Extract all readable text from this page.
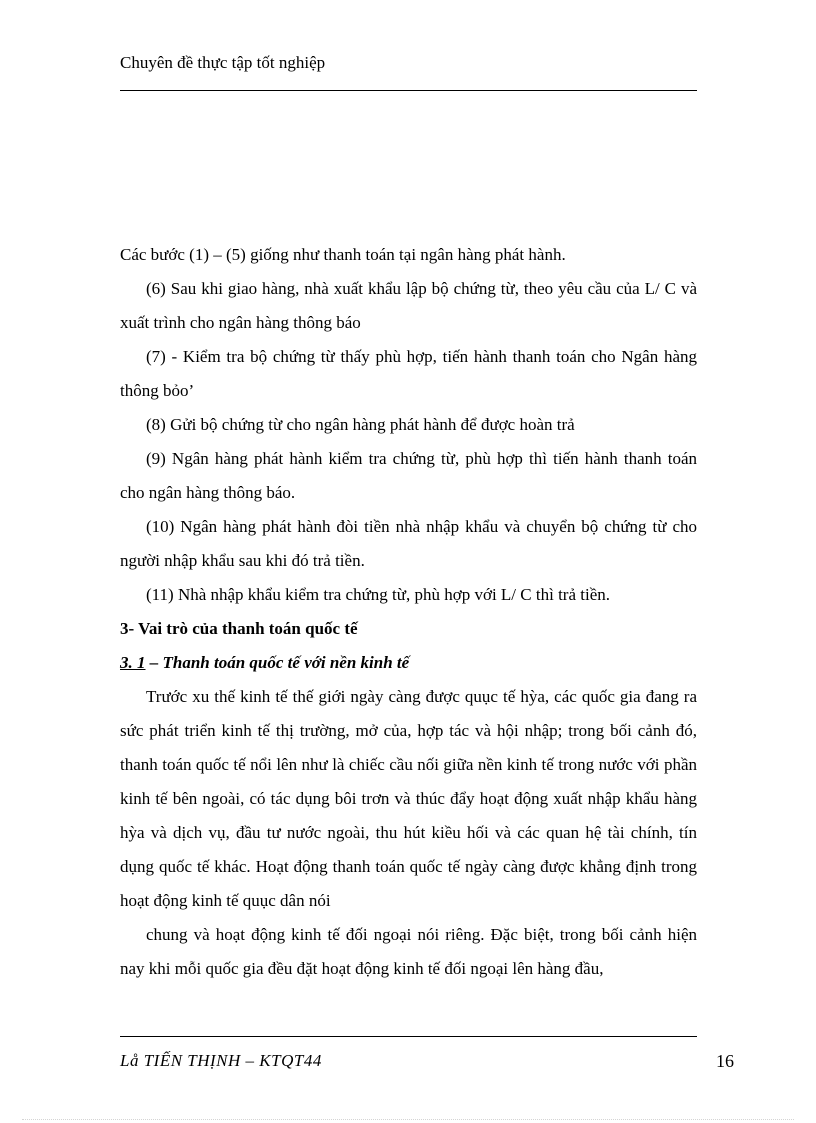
Chuyên đề thực tập tốt nghiệp

Các bước (1) – (5) giống như thanh toán tại ngân hàng phát hành.

(6) Sau khi giao hàng, nhà xuất khẩu lập bộ chứng từ, theo yêu cầu của L/ C và xuất trình cho ngân hàng thông báo

(7) - Kiểm tra bộ chứng từ thấy phù hợp, tiến hành thanh toán cho Ngân hàng thông bỏo’

(8) Gửi bộ chứng từ cho ngân hàng phát hành để được hoàn trả

(9) Ngân hàng phát hành kiểm tra chứng từ, phù hợp thì tiến hành thanh toán cho ngân hàng thông báo.

(10) Ngân hàng phát hành đòi tiền nhà nhập khẩu và chuyển bộ chứng từ cho người nhập khẩu sau khi đó trả tiền.

(11) Nhà nhập khẩu kiểm tra chứng từ, phù hợp với L/ C thì trả tiền.

3- Vai trò của thanh toán quốc tế

3. 1 – Thanh toán quốc tế với nền kinh tế

Trước xu thế kinh tế thế giới ngày càng được quục tế hỳa, các quốc gia đang ra sức phát triển kinh tế thị trường, mở của, hợp tác và hội nhập; trong bối cảnh đó, thanh toán quốc tế nổi lên như là chiếc cầu nối giữa nền kinh tế trong nước với phần kinh tế bên ngoài, có tác dụng bôi trơn và thúc đẩy hoạt động xuất nhập khẩu hàng hỳa và dịch vụ, đầu tư nước ngoài, thu hút kiều hối và các quan hệ tài chính, tín dụng quốc tế khác. Hoạt động thanh toán quốc tế ngày càng được khẳng định trong hoạt động kinh tế quục dân nói

chung và hoạt động kinh tế đối ngoại nói riêng. Đặc biệt, trong bối cảnh hiện nay khi mỗi quốc gia đều đặt hoạt động kinh tế đối ngoại lên hàng đầu,

Lå TIẾN THỊNH – KTQT44	16
